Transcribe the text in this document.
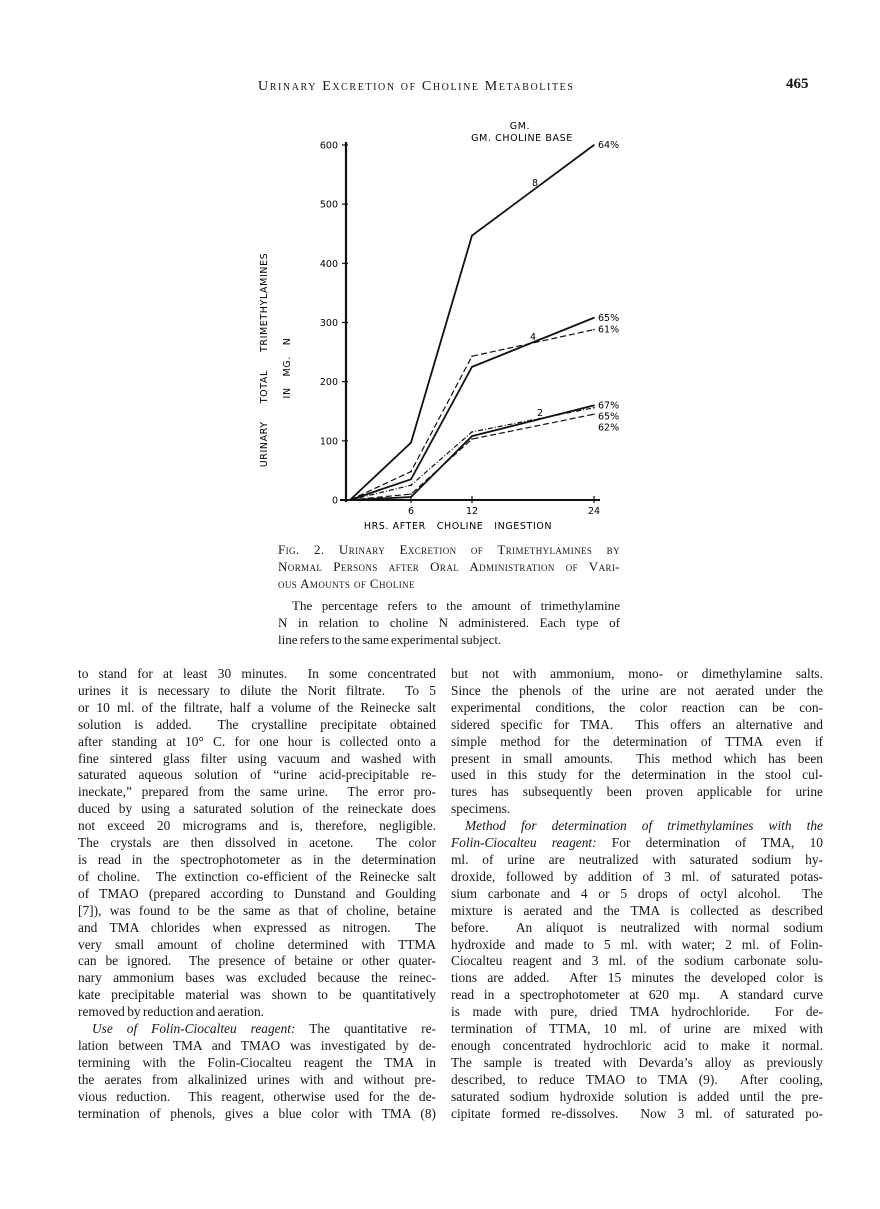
Urinary Excretion of Choline Metabolites	465
GM.
GM. CHOLINE BASE
URINARY     TOTAL     TRIMETHYLAMINES IN   MG.   N
HRS. AFTER   CHOLINE   INGESTION
0
100
200
300
400
500
600
6	12	24
8
4
2
64%
65%
61%
67%
65%
62%
Fig. 2. Urinary Excretion of Trimethylamines by
Normal Persons after Oral Administration of Vari-
ous Amounts of Choline
The percentage refers to the amount of trimethylamine
N in relation to choline N administered. Each type of
line refers to the same experimental subject.
to stand for at least 30 minutes.  In some concentrated
urines it is necessary to dilute the Norit filtrate.  To 5
or 10 ml. of the filtrate, half a volume of the Reinecke salt
solution is added.  The crystalline precipitate obtained
after standing at 10° C. for one hour is collected onto a
fine sintered glass filter using vacuum and washed with
saturated aqueous solution of “urine acid-precipitable re-
ineckate,” prepared from the same urine.  The error pro-
duced by using a saturated solution of the reineckate does
not exceed 20 micrograms and is, therefore, negligible.
The crystals are then dissolved in acetone.  The color
is read in the spectrophotometer as in the determination
of choline.  The extinction co-efficient of the Reinecke salt
of TMAO (prepared according to Dunstand and Goulding
[7]), was found to be the same as that of choline, betaine
and TMA chlorides when expressed as nitrogen.  The
very small amount of choline determined with TTMA
can be ignored.  The presence of betaine or other quater-
nary ammonium bases was excluded because the reinec-
kate precipitable material was shown to be quantitatively
removed by reduction and aeration.
Use of Folin-Ciocalteu reagent: The quantitative re-
lation between TMA and TMAO was investigated by de-
termining with the Folin-Ciocalteu reagent the TMA in
the aerates from alkalinized urines with and without pre-
vious reduction.  This reagent, otherwise used for the de-
termination of phenols, gives a blue color with TMA (8)
but not with ammonium, mono- or dimethylamine salts.
Since the phenols of the urine are not aerated under the
experimental conditions, the color reaction can be con-
sidered specific for TMA.  This offers an alternative and
simple method for the determination of TTMA even if
present in small amounts.  This method which has been
used in this study for the determination in the stool cul-
tures has subsequently been proven applicable for urine
specimens.
Method for determination of trimethylamines with the
Folin-Ciocalteu reagent: For determination of TMA, 10
ml. of urine are neutralized with saturated sodium hy-
droxide, followed by addition of 3 ml. of saturated potas-
sium carbonate and 4 or 5 drops of octyl alcohol.  The
mixture is aerated and the TMA is collected as described
before.  An aliquot is neutralized with normal sodium
hydroxide and made to 5 ml. with water; 2 ml. of Folin-
Ciocalteu reagent and 3 ml. of the sodium carbonate solu-
tions are added.  After 15 minutes the developed color is
read in a spectrophotometer at 620 mμ.  A standard curve
is made with pure, dried TMA hydrochloride.  For de-
termination of TTMA, 10 ml. of urine are mixed with
enough concentrated hydrochloric acid to make it normal.
The sample is treated with Devarda’s alloy as previously
described, to reduce TMAO to TMA (9).  After cooling,
saturated sodium hydroxide solution is added until the pre-
cipitate formed re-dissolves.  Now 3 ml. of saturated po-
